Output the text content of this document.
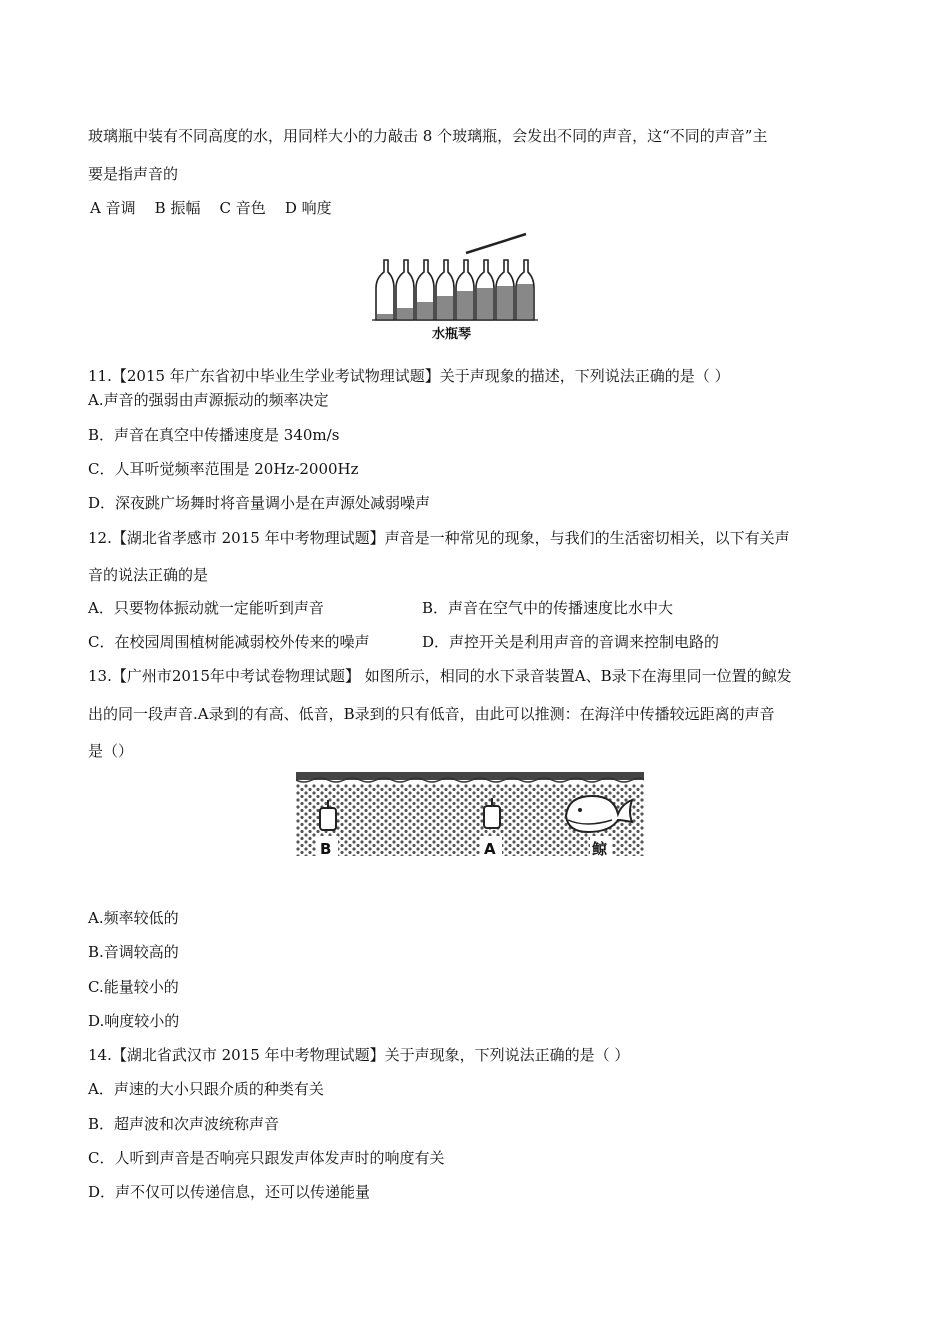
玻璃瓶中装有不同高度的水，用同样大小的力敲击 8 个玻璃瓶，会发出不同的声音，这“不同的声音”主
要是指声音的
A 音调    B 振幅    C 音色    D 响度
水瓶琴
11.【2015 年广东省初中毕业生学业考试物理试题】关于声现象的描述，下列说法正确的是（ ）
A.声音的强弱由声源振动的频率决定
B．声音在真空中传播速度是 340m/s
C．人耳听觉频率范围是 20Hz-2000Hz
D．深夜跳广场舞时将音量调小是在声源处减弱噪声
12.【湖北省孝感市 2015 年中考物理试题】声音是一种常见的现象，与我们的生活密切相关，以下有关声
音的说法正确的是
A．只要物体振动就一定能听到声音	B．声音在空气中的传播速度比水中大
C．在校园周围植树能减弱校外传来的噪声	D．声控开关是利用声音的音调来控制电路的
13.【广州市2015年中考试卷物理试题】 如图所示，相同的水下录音装置A、B录下在海里同一位置的鲸发
出的同一段声音.A录到的有高、低音，B录到的只有低音，由此可以推测：在海洋中传播较远距离的声音
是（）
B	A	鲸
A.频率较低的
B.音调较高的
C.能量较小的
D.响度较小的
14.【湖北省武汉市 2015 年中考物理试题】关于声现象，下列说法正确的是（ ）
A．声速的大小只跟介质的种类有关
B．超声波和次声波统称声音
C．人听到声音是否响亮只跟发声体发声时的响度有关
D．声不仅可以传递信息，还可以传递能量
